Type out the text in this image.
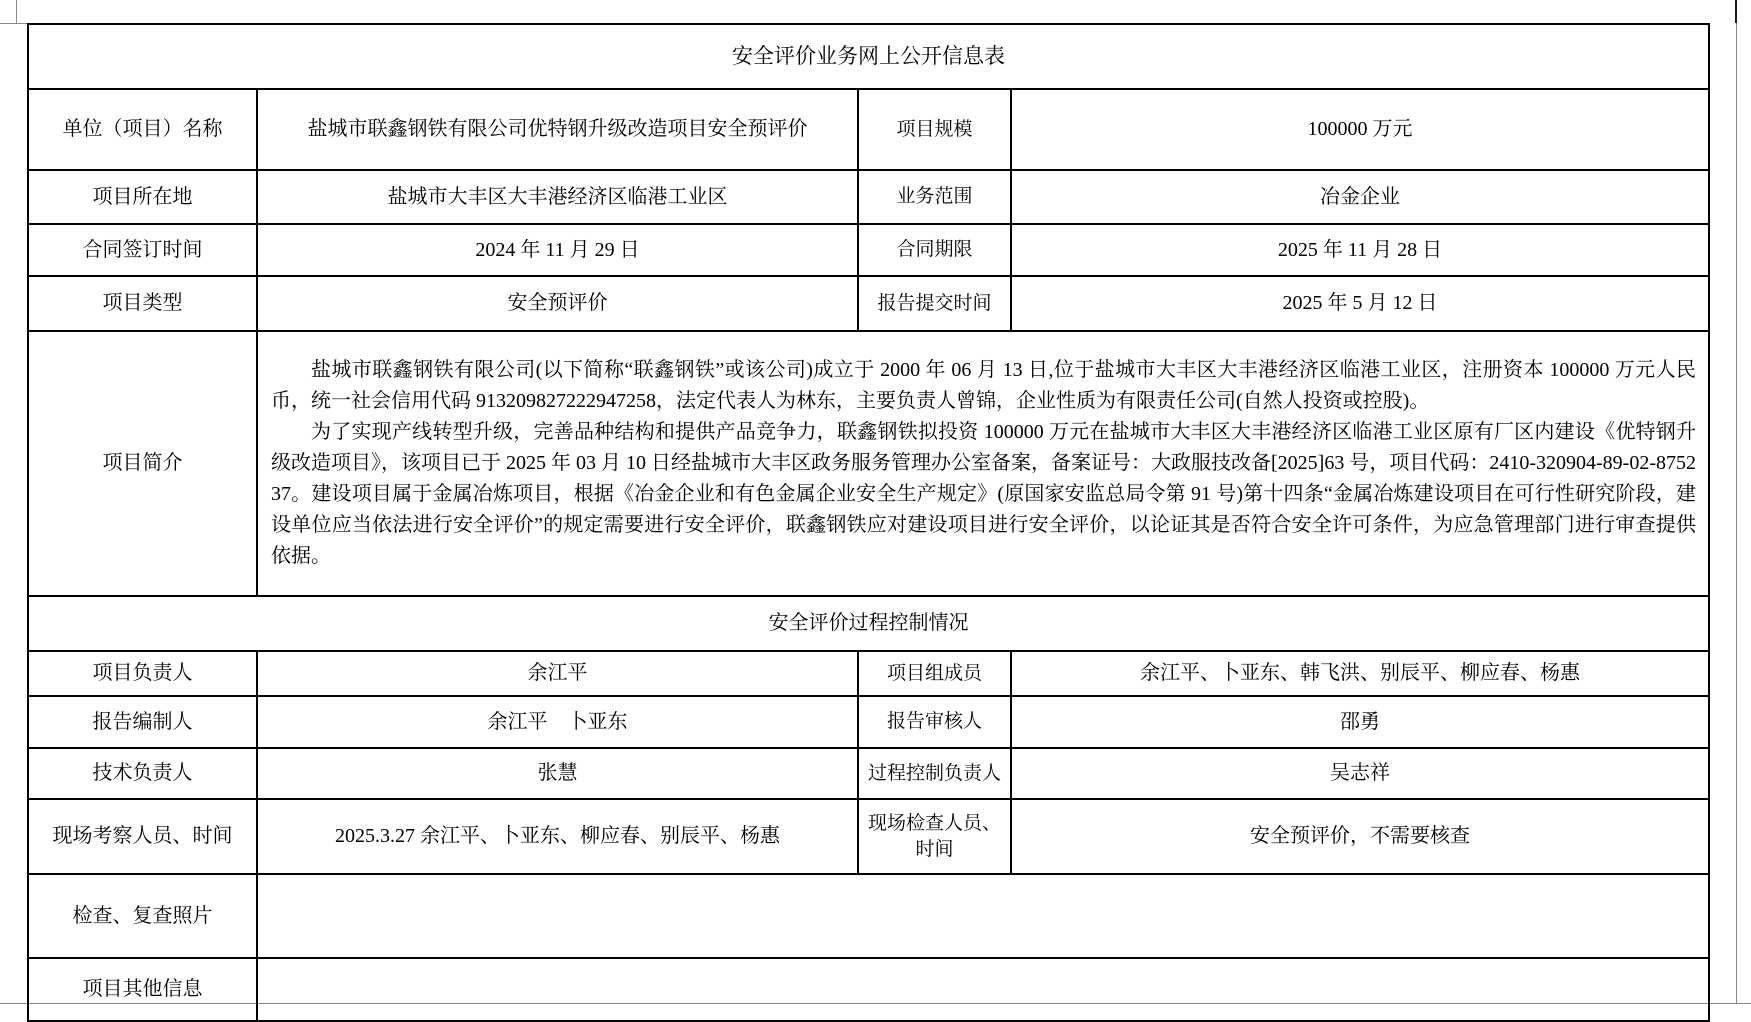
安全评价业务网上公开信息表			
单位（项目）名称	盐城市联鑫钢铁有限公司优特钢升级改造项目安全预评价	项目规模	100000 万元
项目所在地	盐城市大丰区大丰港经济区临港工业区	业务范围	冶金企业
合同签订时间	2024 年 11 月 29 日	合同期限	2025 年 11 月 28 日
项目类型	安全预评价	报告提交时间	2025 年 5 月 12 日
项目简介	盐城市联鑫钢铁有限公司(以下简称“联鑫钢铁”或该公司)成立于 2000 年 06 月 13 日,位于盐城市大丰区大丰港经济区临港工业区，注册资本 100000 万元人民币，统一社会信用代码 913209827222947258，法定代表人为林东，主要负责人曾锦，企业性质为有限责任公司(自然人投资或控股)。

为了实现产线转型升级，完善品种结构和提供产品竞争力，联鑫钢铁拟投资 100000 万元在盐城市大丰区大丰港经济区临港工业区原有厂区内建设《优特钢升级改造项目》，该项目已于 2025 年 03 月 10 日经盐城市大丰区政务服务管理办公室备案，备案证号：大政服技改备[2025]63 号，项目代码：2410-320904-89-02-875237。建设项目属于金属冶炼项目，根据《冶金企业和有色金属企业安全生产规定》(原国家安监总局令第 91 号)第十四条“金属冶炼建设项目在可行性研究阶段，建设单位应当依法进行安全评价”的规定需要进行安全评价，联鑫钢铁应对建设项目进行安全评价，以论证其是否符合安全许可条件，为应急管理部门进行审查提供依据。		

安全评价过程控制情况			
项目负责人	余江平	项目组成员	余江平、卜亚东、韩飞洪、别辰平、柳应春、杨惠
报告编制人	余江平　卜亚东	报告审核人	邵勇
技术负责人	张慧	过程控制负责人	吴志祥
现场考察人员、时间	2025.3.27 余江平、卜亚东、柳应春、别辰平、杨惠	现场检查人员、时间	安全预评价，不需要核查
检查、复查照片			
项目其他信息			
